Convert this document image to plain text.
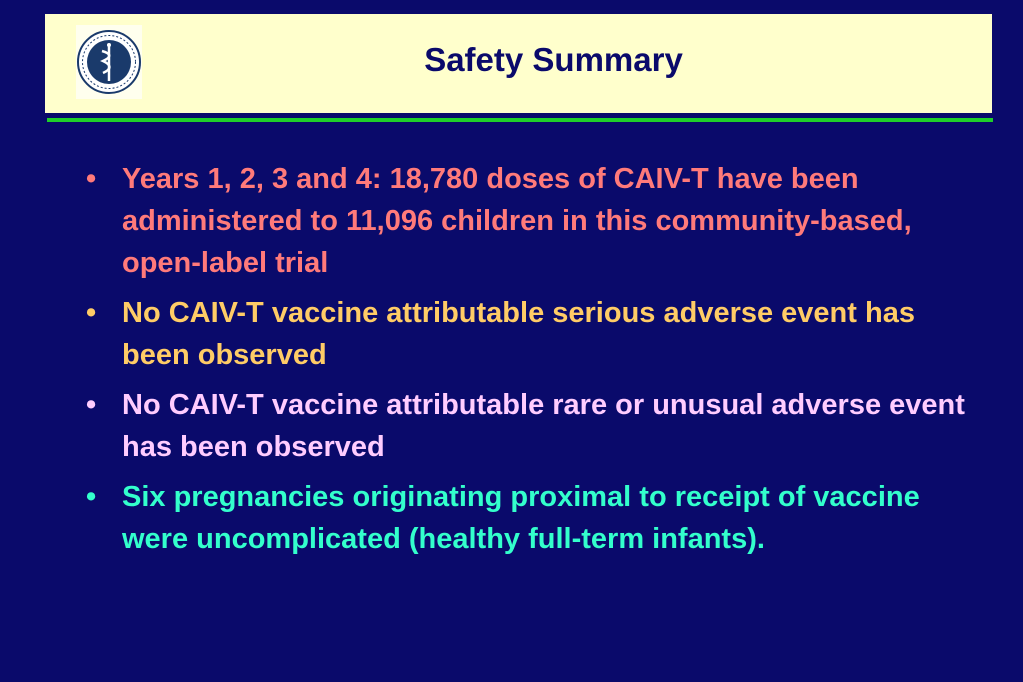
Safety Summary
• Years 1, 2, 3 and 4: 18,780 doses of CAIV-T have been administered to 11,096 children in this community-based, open-label trial
• No CAIV-T vaccine attributable serious adverse event has been observed
• No CAIV-T vaccine attributable rare or unusual adverse event has been observed
• Six pregnancies originating proximal to receipt of vaccine were uncomplicated (healthy full-term infants).
